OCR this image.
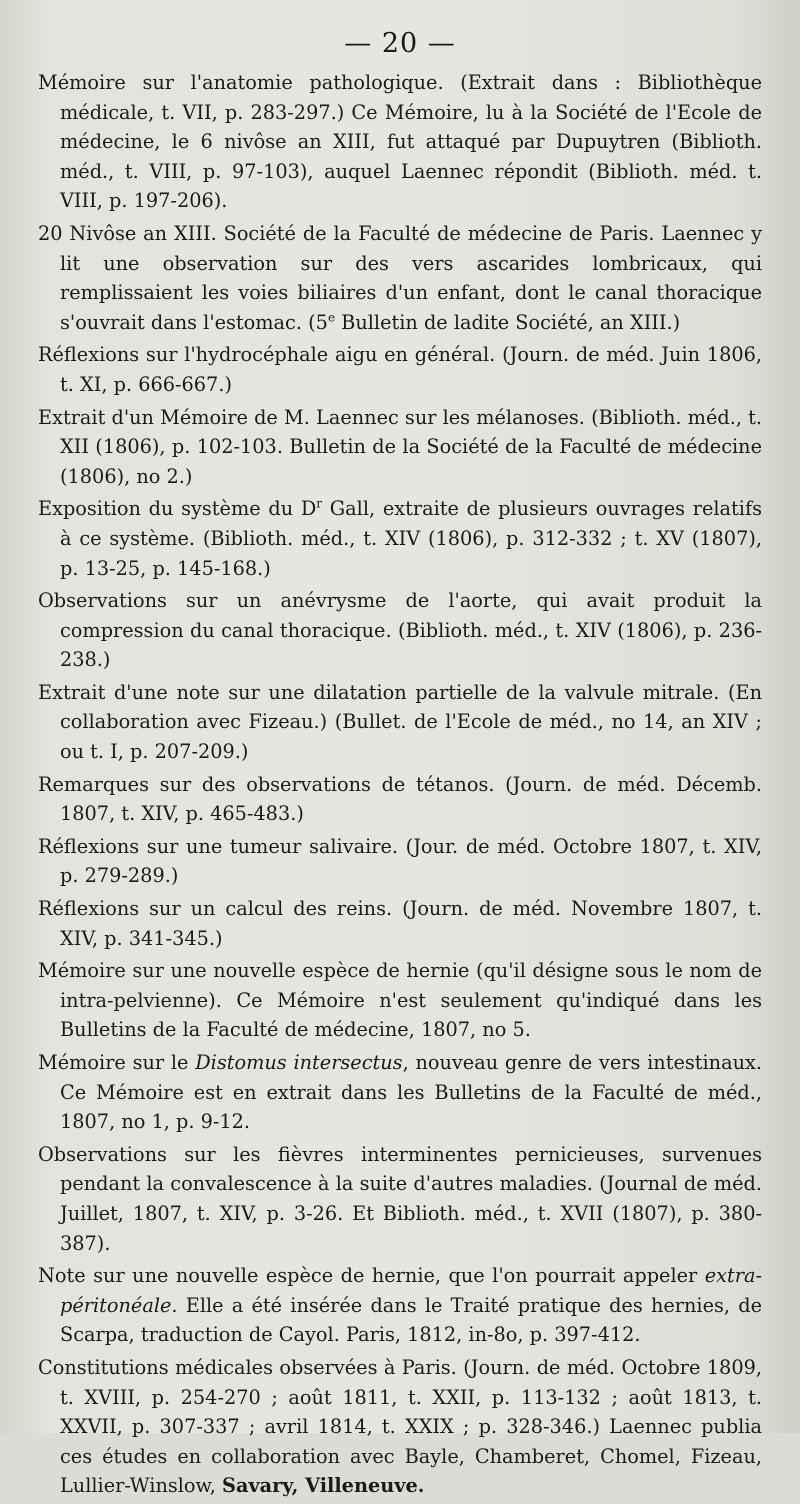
— 20 —

Mémoire sur l'anatomie pathologique. (Extrait dans : Bibliothèque médicale, t. VII, p. 283-297.) Ce Mémoire, lu à la Société de l'Ecole de médecine, le 6 nivôse an XIII, fut attaqué par Dupuytren (Biblioth. méd., t. VIII, p. 97-103), auquel Laennec répondit (Biblioth. méd. t. VIII, p. 197-206).

20 Nivôse an XIII. Société de la Faculté de médecine de Paris. Laennec y lit une observation sur des vers ascarides lombricaux, qui remplissaient les voies biliaires d'un enfant, dont le canal thoracique s'ouvrait dans l'estomac. (5e Bulletin de ladite Société, an XIII.)

Réflexions sur l'hydrocéphale aigu en général. (Journ. de méd. Juin 1806, t. XI, p. 666-667.)

Extrait d'un Mémoire de M. Laennec sur les mélanoses. (Biblioth. méd., t. XII (1806), p. 102-103. Bulletin de la Société de la Faculté de médecine (1806), no 2.)

Exposition du système du $D^r$ Gall, extraite de plusieurs ouvrages relatifs à ce système. (Biblioth. méd., t. XIV (1806), p. 312-332 ; t. XV (1807), p. 13-25, p. 145-168.)

Observations sur un anévrysme de l'aorte, qui avait produit la compression du canal thoracique. (Biblioth. méd., t. XIV (1806), p. 236-238.)

Extrait d'une note sur une dilatation partielle de la valvule mitrale. (En collaboration avec Fizeau.) (Bullet. de l'Ecole de méd., no 14, an XIV ; ou t. I, p. 207-209.)

Remarques sur des observations de tétanos. (Journ. de méd. Décemb. 1807, t. XIV, p. 465-483.)

Réflexions sur une tumeur salivaire. (Jour. de méd. Octobre 1807, t. XIV, p. 279-289.)

Réflexions sur un calcul des reins. (Journ. de méd. Novembre 1807, t. XIV, p. 341-345.)

Mémoire sur une nouvelle espèce de hernie (qu'il désigne sous le nom de intra-pelvienne). Ce Mémoire n'est seulement qu'indiqué dans les Bulletins de la Faculté de médecine, 1807, no 5.

Mémoire sur le Distomus intersectus, nouveau genre de vers intestinaux. Ce Mémoire est en extrait dans les Bulletins de la Faculté de méd., 1807, no 1, p. 9-12.

Observations sur les fièvres interminentes pernicieuses, survenues pendant la convalescence à la suite d'autres maladies. (Journal de méd. Juillet, 1807, t. XIV, p. 3-26. Et Biblioth. méd., t. XVII (1807), p. 380-387).

Note sur une nouvelle espèce de hernie, que l'on pourrait appeler extra-péritonéale. Elle a été insérée dans le Traité pratique des hernies, de Scarpa, traduction de Cayol. Paris, 1812, in-8o, p. 397-412.

Constitutions médicales observées à Paris. (Journ. de méd. Octobre 1809, t. XVIII, p. 254-270 ; août 1811, t. XXII, p. 113-132 ; août 1813, t. XXVII, p. 307-337 ; avril 1814, t. XXIX ; p. 328-346.) Laennec publia ces études en collaboration avec Bayle, Chamberet, Chomel, Fizeau, Lullier-Winslow, Savary, Villeneuve.
